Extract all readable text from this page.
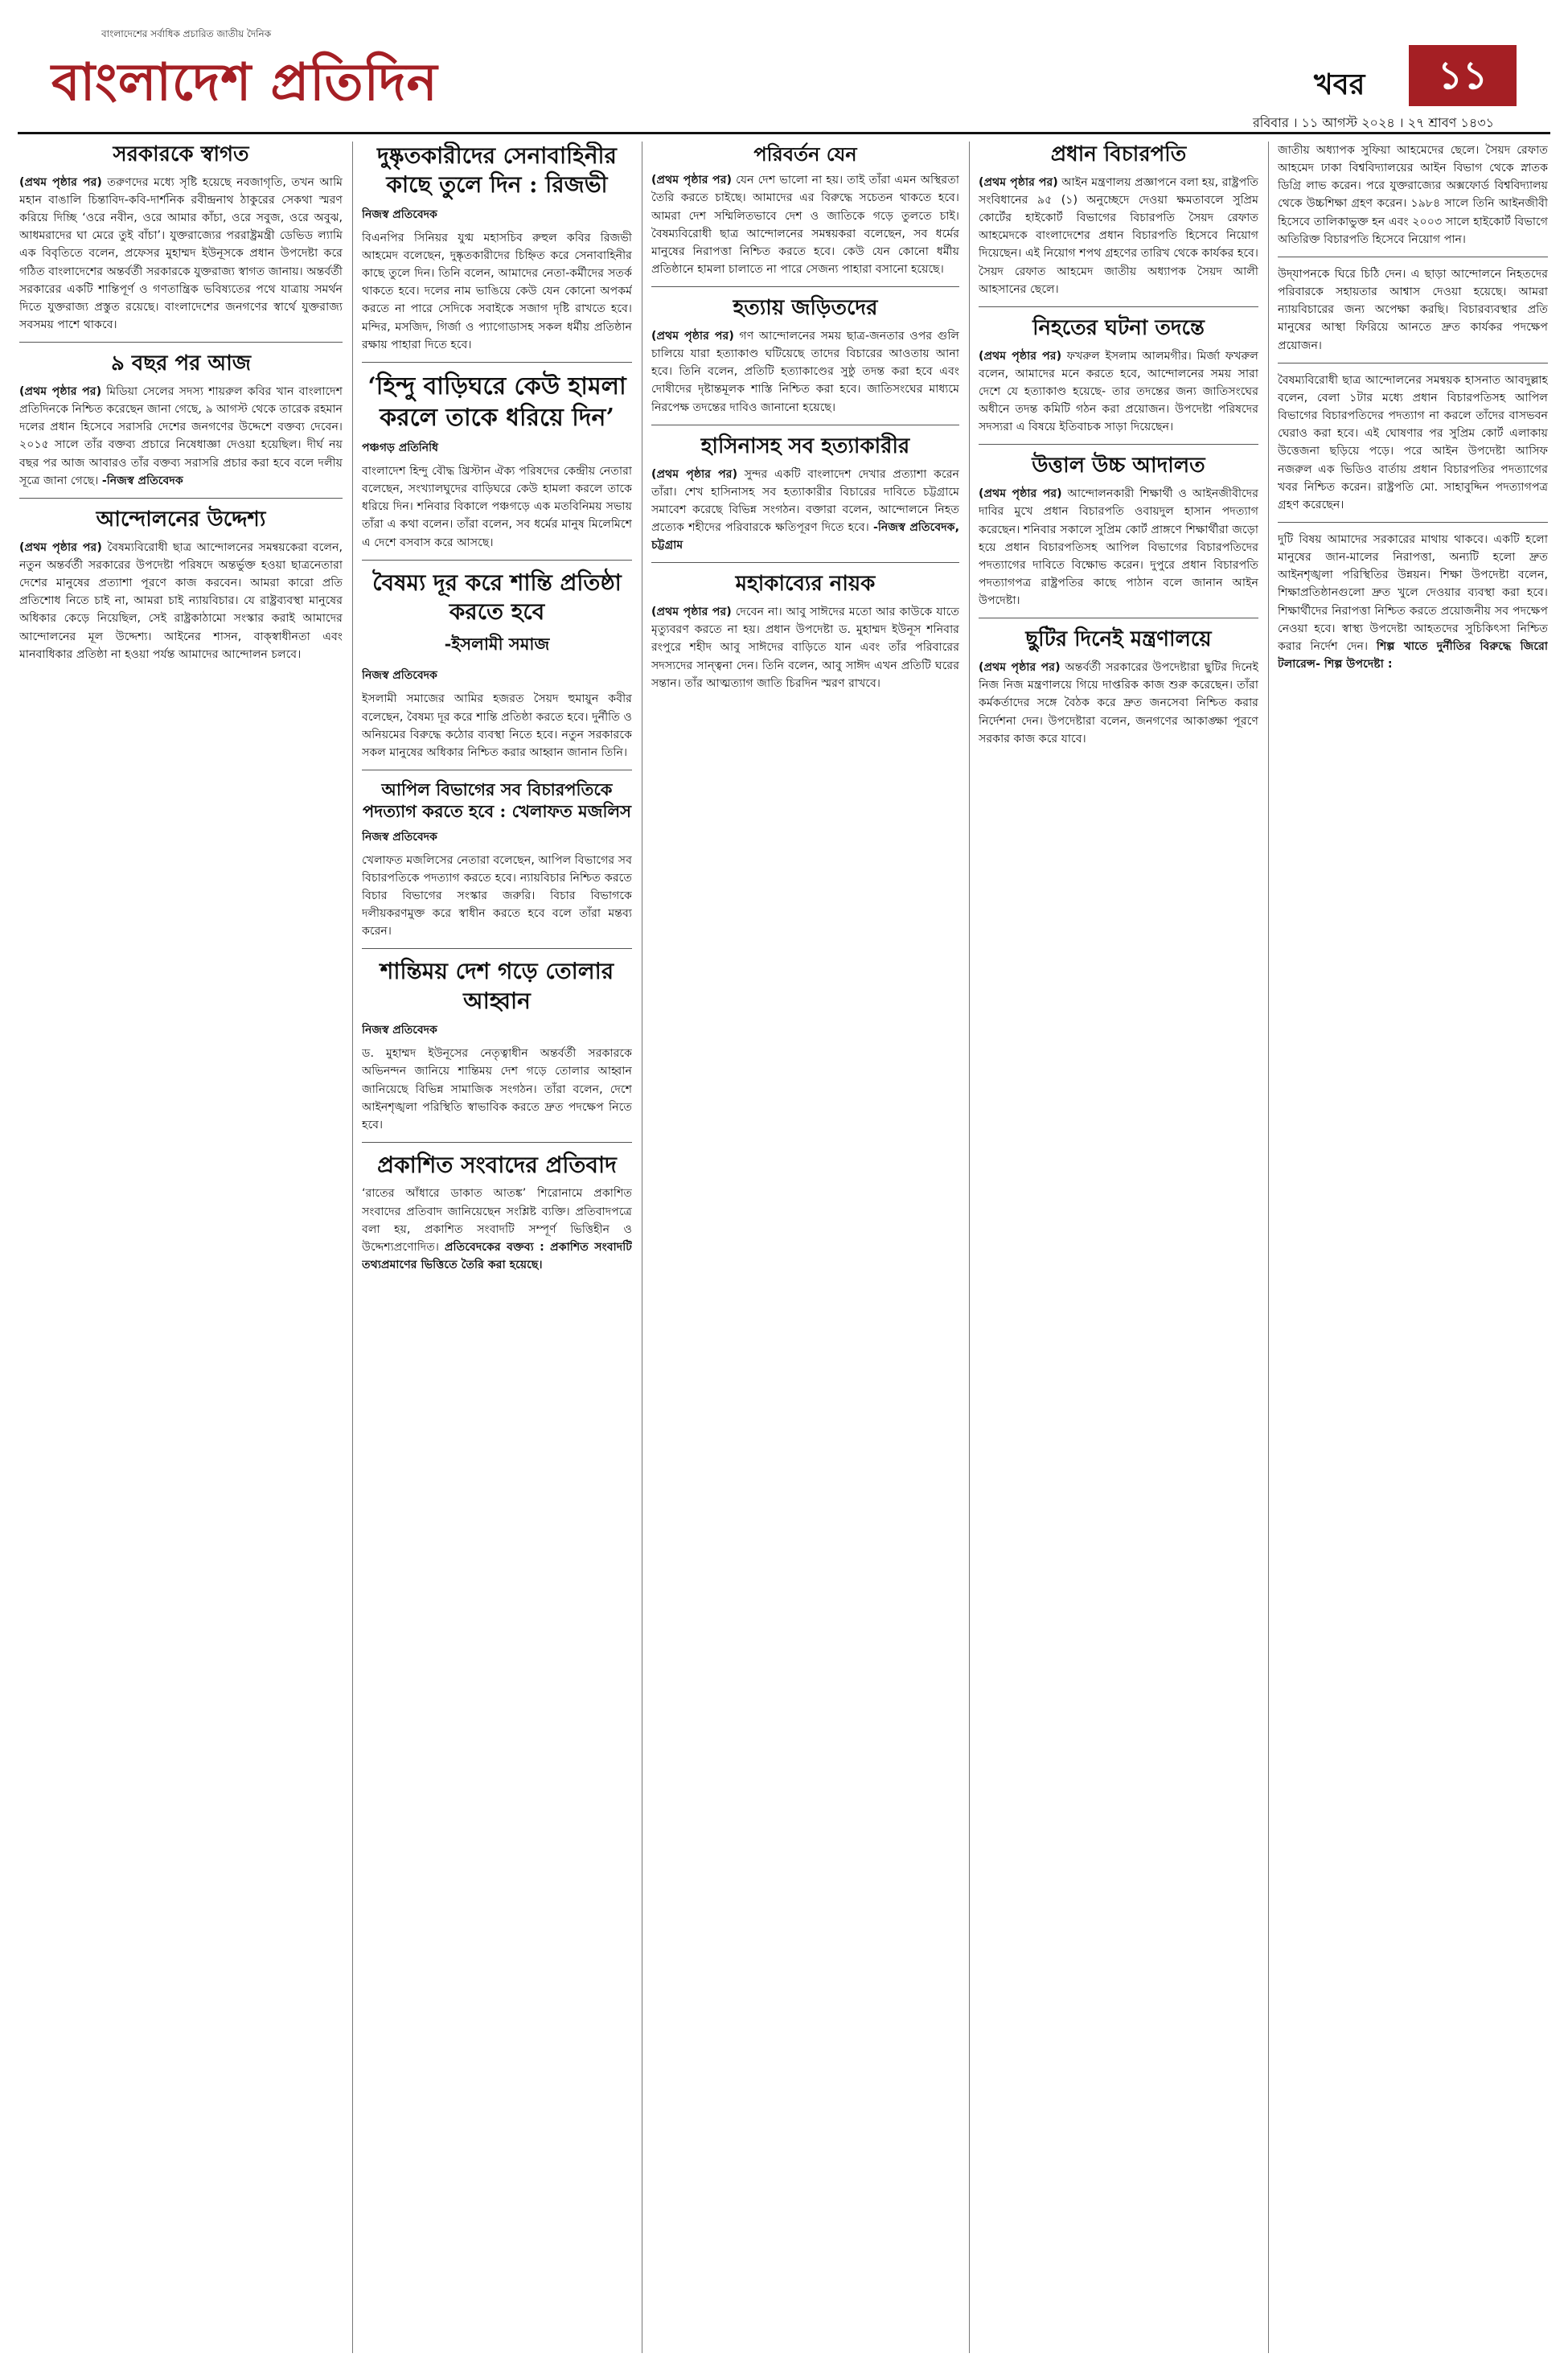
বাংলাদেশের সর্বাধিক প্রচারিত জাতীয় দৈনিক
বাংলাদেশ প্রতিদিন	খবর	১১
রবিবার । ১১ আগস্ট ২০২৪ । ২৭ শ্রাবণ ১৪৩১
সরকারকে স্বাগত

(প্রথম পৃষ্ঠার পর) তরুণদের মধ্যে সৃষ্টি হয়েছে নবজাগৃতি, তখন আমি মহান বাঙালি চিন্তাবিদ-কবি-দার্শনিক রবীন্দ্রনাথ ঠাকুরের সেকথা স্মরণ করিয়ে দিচ্ছি ‘ওরে নবীন, ওরে আমার কাঁচা, ওরে সবুজ, ওরে অবুঝ, আধমরাদের ঘা মেরে তুই বাঁচা’। যুক্তরাজ্যের পররাষ্ট্রমন্ত্রী ডেভিড ল্যামি এক বিবৃতিতে বলেন, প্রফেসর মুহাম্মদ ইউনূসকে প্রধান উপদেষ্টা করে গঠিত বাংলাদেশের অন্তর্বর্তী সরকারকে যুক্তরাজ্য স্বাগত জানায়। অন্তর্বর্তী সরকারের একটি শান্তিপূর্ণ ও গণতান্ত্রিক ভবিষ্যতের পথে যাত্রায় সমর্থন দিতে যুক্তরাজ্য প্রস্তুত রয়েছে। বাংলাদেশের জনগণের স্বার্থে যুক্তরাজ্য সবসময় পাশে থাকবে।

৯ বছর পর আজ

(প্রথম পৃষ্ঠার পর) মিডিয়া সেলের সদস্য শায়রুল কবির খান বাংলাদেশ প্রতিদিনকে নিশ্চিত করেছেন জানা গেছে, ৯ আগস্ট থেকে তারেক রহমান দলের প্রধান হিসেবে সরাসরি দেশের জনগণের উদ্দেশে বক্তব্য দেবেন। ২০১৫ সালে তাঁর বক্তব্য প্রচারে নিষেধাজ্ঞা দেওয়া হয়েছিল। দীর্ঘ নয় বছর পর আজ আবারও তাঁর বক্তব্য সরাসরি প্রচার করা হবে বলে দলীয় সূত্রে জানা গেছে। -নিজস্ব প্রতিবেদক

আন্দোলনের উদ্দেশ্য

(প্রথম পৃষ্ঠার পর) বৈষম্যবিরোধী ছাত্র আন্দোলনের সমন্বয়কেরা বলেন, নতুন অন্তর্বর্তী সরকারের উপদেষ্টা পরিষদে অন্তর্ভুক্ত হওয়া ছাত্রনেতারা দেশের মানুষের প্রত্যাশা পূরণে কাজ করবেন। আমরা কারো প্রতি প্রতিশোধ নিতে চাই না, আমরা চাই ন্যায়বিচার। যে রাষ্ট্রব্যবস্থা মানুষের অধিকার কেড়ে নিয়েছিল, সেই রাষ্ট্রকাঠামো সংস্কার করাই আমাদের আন্দোলনের মূল উদ্দেশ্য। আইনের শাসন, বাক্‌স্বাধীনতা এবং মানবাধিকার প্রতিষ্ঠা না হওয়া পর্যন্ত আমাদের আন্দোলন চলবে।

দুষ্কৃতকারীদের সেনাবাহিনীর কাছে তুলে দিন : রিজভী
নিজস্ব প্রতিবেদক

বিএনপির সিনিয়র যুগ্ম মহাসচিব রুহুল কবির রিজভী আহমেদ বলেছেন, দুষ্কৃতকারীদের চিহ্নিত করে সেনাবাহিনীর কাছে তুলে দিন। তিনি বলেন, আমাদের নেতা-কর্মীদের সতর্ক থাকতে হবে। দলের নাম ভাঙিয়ে কেউ যেন কোনো অপকর্ম করতে না পারে সেদিকে সবাইকে সজাগ দৃষ্টি রাখতে হবে। মন্দির, মসজিদ, গির্জা ও প্যাগোডাসহ সকল ধর্মীয় প্রতিষ্ঠান রক্ষায় পাহারা দিতে হবে।

‘হিন্দু বাড়িঘরে কেউ হামলা করলে তাকে ধরিয়ে দিন’
পঞ্চগড় প্রতিনিধি

বাংলাদেশ হিন্দু বৌদ্ধ খ্রিস্টান ঐক্য পরিষদের কেন্দ্রীয় নেতারা বলেছেন, সংখ্যালঘুদের বাড়িঘরে কেউ হামলা করলে তাকে ধরিয়ে দিন। শনিবার বিকালে পঞ্চগড়ে এক মতবিনিময় সভায় তাঁরা এ কথা বলেন। তাঁরা বলেন, সব ধর্মের মানুষ মিলেমিশে এ দেশে বসবাস করে আসছে।

বৈষম্য দূর করে শান্তি প্রতিষ্ঠা করতে হবে
-ইসলামী সমাজ
নিজস্ব প্রতিবেদক

ইসলামী সমাজের আমির হজরত সৈয়দ হুমায়ুন কবীর বলেছেন, বৈষম্য দূর করে শান্তি প্রতিষ্ঠা করতে হবে। দুর্নীতি ও অনিয়মের বিরুদ্ধে কঠোর ব্যবস্থা নিতে হবে। নতুন সরকারকে সকল মানুষের অধিকার নিশ্চিত করার আহ্বান জানান তিনি।

আপিল বিভাগের সব বিচারপতিকে পদত্যাগ করতে হবে : খেলাফত মজলিস
নিজস্ব প্রতিবেদক

খেলাফত মজলিসের নেতারা বলেছেন, আপিল বিভাগের সব বিচারপতিকে পদত্যাগ করতে হবে। ন্যায়বিচার নিশ্চিত করতে বিচার বিভাগের সংস্কার জরুরি। বিচার বিভাগকে দলীয়করণমুক্ত করে স্বাধীন করতে হবে বলে তাঁরা মন্তব্য করেন।

শান্তিময় দেশ গড়ে তোলার আহ্বান
নিজস্ব প্রতিবেদক

ড. মুহাম্মদ ইউনূসের নেতৃত্বাধীন অন্তর্বর্তী সরকারকে অভিনন্দন জানিয়ে শান্তিময় দেশ গড়ে তোলার আহ্বান জানিয়েছে বিভিন্ন সামাজিক সংগঠন। তাঁরা বলেন, দেশে আইনশৃঙ্খলা পরিস্থিতি স্বাভাবিক করতে দ্রুত পদক্ষেপ নিতে হবে।

প্রকাশিত সংবাদের প্রতিবাদ

‘রাতের আঁধারে ডাকাত আতঙ্ক’ শিরোনামে প্রকাশিত সংবাদের প্রতিবাদ জানিয়েছেন সংশ্লিষ্ট ব্যক্তি। প্রতিবাদপত্রে বলা হয়, প্রকাশিত সংবাদটি সম্পূর্ণ ভিত্তিহীন ও উদ্দেশ্যপ্রণোদিত। প্রতিবেদকের বক্তব্য : প্রকাশিত সংবাদটি তথ্যপ্রমাণের ভিত্তিতে তৈরি করা হয়েছে।

পরিবর্তন যেন

(প্রথম পৃষ্ঠার পর) যেন দেশ ভালো না হয়। তাই তাঁরা এমন অস্থিরতা তৈরি করতে চাইছে। আমাদের এর বিরুদ্ধে সচেতন থাকতে হবে। আমরা দেশ সম্মিলিতভাবে দেশ ও জাতিকে গড়ে তুলতে চাই। বৈষম্যবিরোধী ছাত্র আন্দোলনের সমন্বয়করা বলেছেন, সব ধর্মের মানুষের নিরাপত্তা নিশ্চিত করতে হবে। কেউ যেন কোনো ধর্মীয় প্রতিষ্ঠানে হামলা চালাতে না পারে সেজন্য পাহারা বসানো হয়েছে।

হত্যায় জড়িতদের

(প্রথম পৃষ্ঠার পর) গণ আন্দোলনের সময় ছাত্র-জনতার ওপর গুলি চালিয়ে যারা হত্যাকাণ্ড ঘটিয়েছে তাদের বিচারের আওতায় আনা হবে। তিনি বলেন, প্রতিটি হত্যাকাণ্ডের সুষ্ঠু তদন্ত করা হবে এবং দোষীদের দৃষ্টান্তমূলক শাস্তি নিশ্চিত করা হবে। জাতিসংঘের মাধ্যমে নিরপেক্ষ তদন্তের দাবিও জানানো হয়েছে।

হাসিনাসহ সব হত্যাকারীর

(প্রথম পৃষ্ঠার পর) সুন্দর একটি বাংলাদেশ দেখার প্রত্যাশা করেন তাঁরা। শেখ হাসিনাসহ সব হত্যাকারীর বিচারের দাবিতে চট্টগ্রামে সমাবেশ করেছে বিভিন্ন সংগঠন। বক্তারা বলেন, আন্দোলনে নিহত প্রত্যেক শহীদের পরিবারকে ক্ষতিপূরণ দিতে হবে। -নিজস্ব প্রতিবেদক, চট্টগ্রাম

মহাকাব্যের নায়ক

(প্রথম পৃষ্ঠার পর) দেবেন না। আবু সাঈদের মতো আর কাউকে যাতে মৃত্যুবরণ করতে না হয়। প্রধান উপদেষ্টা ড. মুহাম্মদ ইউনূস শনিবার রংপুরে শহীদ আবু সাঈদের বাড়িতে যান এবং তাঁর পরিবারের সদস্যদের সান্ত্বনা দেন। তিনি বলেন, আবু সাঈদ এখন প্রতিটি ঘরের সন্তান। তাঁর আত্মত্যাগ জাতি চিরদিন স্মরণ রাখবে।

প্রধান বিচারপতি

(প্রথম পৃষ্ঠার পর) আইন মন্ত্রণালয় প্রজ্ঞাপনে বলা হয়, রাষ্ট্রপতি সংবিধানের ৯৫ (১) অনুচ্ছেদে দেওয়া ক্ষমতাবলে সুপ্রিম কোর্টের হাইকোর্ট বিভাগের বিচারপতি সৈয়দ রেফাত আহমেদকে বাংলাদেশের প্রধান বিচারপতি হিসেবে নিয়োগ দিয়েছেন। এই নিয়োগ শপথ গ্রহণের তারিখ থেকে কার্যকর হবে। সৈয়দ রেফাত আহমেদ জাতীয় অধ্যাপক সৈয়দ আলী আহসানের ছেলে।

নিহতের ঘটনা তদন্তে

(প্রথম পৃষ্ঠার পর) ফখরুল ইসলাম আলমগীর। মির্জা ফখরুল বলেন, আমাদের মনে করতে হবে, আন্দোলনের সময় সারা দেশে যে হত্যাকাণ্ড হয়েছে- তার তদন্তের জন্য জাতিসংঘের অধীনে তদন্ত কমিটি গঠন করা প্রয়োজন। উপদেষ্টা পরিষদের সদস্যরা এ বিষয়ে ইতিবাচক সাড়া দিয়েছেন।

উত্তাল উচ্চ আদালত

(প্রথম পৃষ্ঠার পর) আন্দোলনকারী শিক্ষার্থী ও আইনজীবীদের দাবির মুখে প্রধান বিচারপতি ওবায়দুল হাসান পদত্যাগ করেছেন। শনিবার সকালে সুপ্রিম কোর্ট প্রাঙ্গণে শিক্ষার্থীরা জড়ো হয়ে প্রধান বিচারপতিসহ আপিল বিভাগের বিচারপতিদের পদত্যাগের দাবিতে বিক্ষোভ করেন। দুপুরে প্রধান বিচারপতি পদত্যাগপত্র রাষ্ট্রপতির কাছে পাঠান বলে জানান আইন উপদেষ্টা।

ছুটির দিনেই মন্ত্রণালয়ে

(প্রথম পৃষ্ঠার পর) অন্তর্বর্তী সরকারের উপদেষ্টারা ছুটির দিনেই নিজ নিজ মন্ত্রণালয়ে গিয়ে দাপ্তরিক কাজ শুরু করেছেন। তাঁরা কর্মকর্তাদের সঙ্গে বৈঠক করে দ্রুত জনসেবা নিশ্চিত করার নির্দেশনা দেন। উপদেষ্টারা বলেন, জনগণের আকাঙ্ক্ষা পূরণে সরকার কাজ করে যাবে।

জাতীয় অধ্যাপক সুফিয়া আহমেদের ছেলে। সৈয়দ রেফাত আহমেদ ঢাকা বিশ্ববিদ্যালয়ের আইন বিভাগ থেকে স্নাতক ডিগ্রি লাভ করেন। পরে যুক্তরাজ্যের অক্সফোর্ড বিশ্ববিদ্যালয় থেকে উচ্চশিক্ষা গ্রহণ করেন। ১৯৮৪ সালে তিনি আইনজীবী হিসেবে তালিকাভুক্ত হন এবং ২০০৩ সালে হাইকোর্ট বিভাগে অতিরিক্ত বিচারপতি হিসেবে নিয়োগ পান।

উদ্‌যাপনকে ঘিরে চিঠি দেন। এ ছাড়া আন্দোলনে নিহতদের পরিবারকে সহায়তার আশ্বাস দেওয়া হয়েছে। আমরা ন্যায়বিচারের জন্য অপেক্ষা করছি। বিচারব্যবস্থার প্রতি মানুষের আস্থা ফিরিয়ে আনতে দ্রুত কার্যকর পদক্ষেপ প্রয়োজন।

বৈষম্যবিরোধী ছাত্র আন্দোলনের সমন্বয়ক হাসনাত আবদুল্লাহ বলেন, বেলা ১টার মধ্যে প্রধান বিচারপতিসহ আপিল বিভাগের বিচারপতিদের পদত্যাগ না করলে তাঁদের বাসভবন ঘেরাও করা হবে। এই ঘোষণার পর সুপ্রিম কোর্ট এলাকায় উত্তেজনা ছড়িয়ে পড়ে। পরে আইন উপদেষ্টা আসিফ নজরুল এক ভিডিও বার্তায় প্রধান বিচারপতির পদত্যাগের খবর নিশ্চিত করেন। রাষ্ট্রপতি মো. সাহাবুদ্দিন পদত্যাগপত্র গ্রহণ করেছেন।

দুটি বিষয় আমাদের সরকারের মাথায় থাকবে। একটি হলো মানুষের জান-মালের নিরাপত্তা, অন্যটি হলো দ্রুত আইনশৃঙ্খলা পরিস্থিতির উন্নয়ন। শিক্ষা উপদেষ্টা বলেন, শিক্ষাপ্রতিষ্ঠানগুলো দ্রুত খুলে দেওয়ার ব্যবস্থা করা হবে। শিক্ষার্থীদের নিরাপত্তা নিশ্চিত করতে প্রয়োজনীয় সব পদক্ষেপ নেওয়া হবে। স্বাস্থ্য উপদেষ্টা আহতদের সুচিকিৎসা নিশ্চিত করার নির্দেশ দেন। শিল্প খাতে দুর্নীতির বিরুদ্ধে জিরো টলারেন্স- শিল্প উপদেষ্টা :
